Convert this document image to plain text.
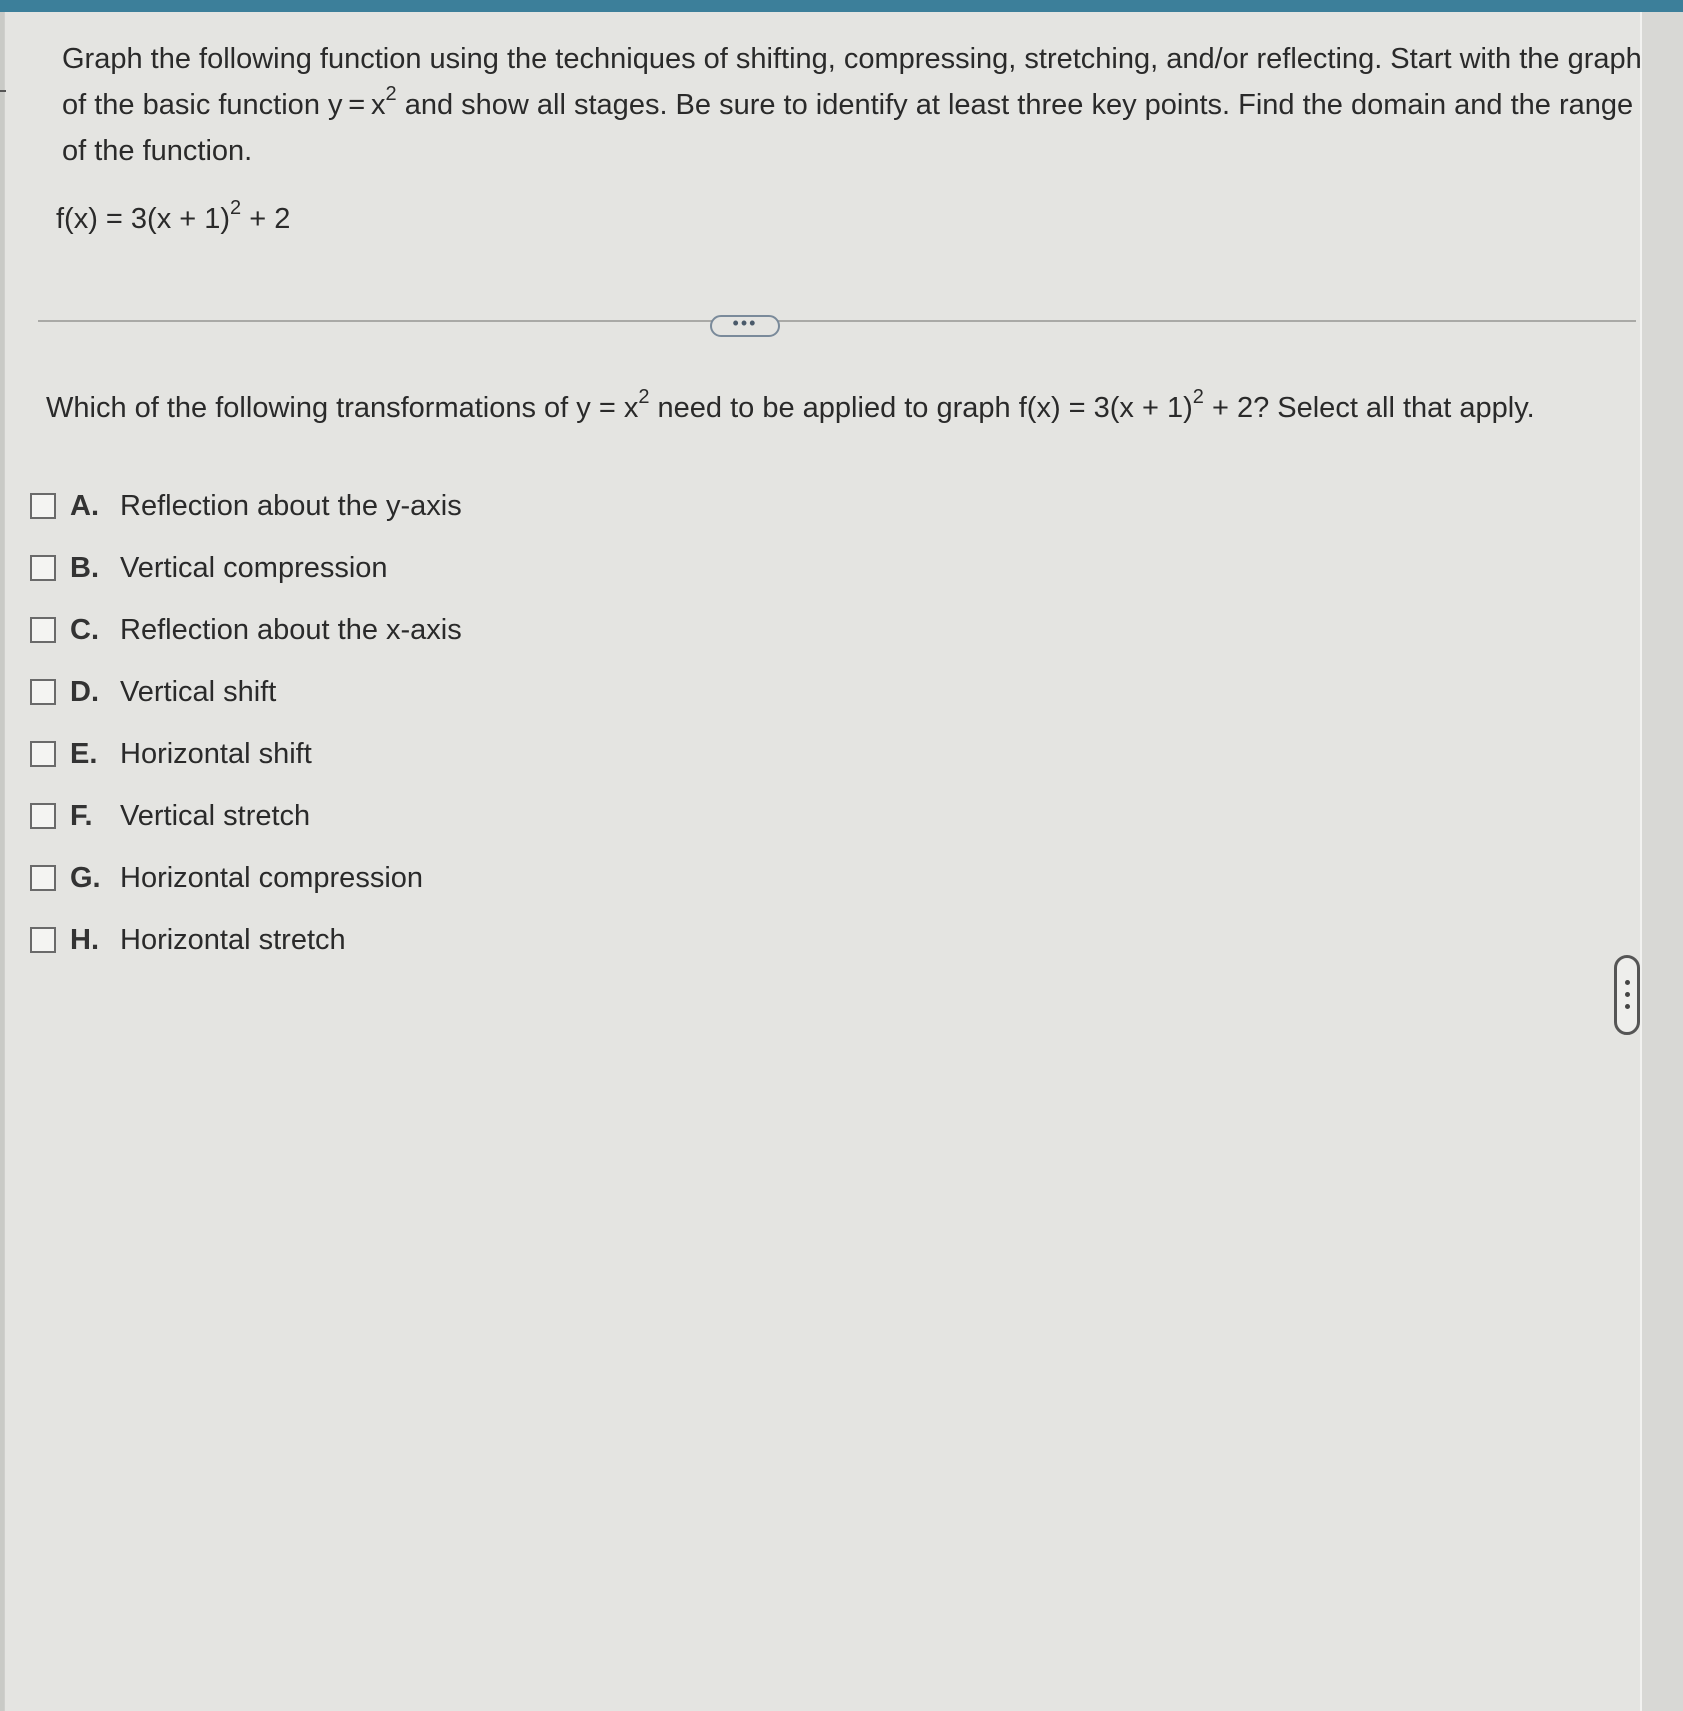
Graph the following function using the techniques of shifting, compressing, stretching, and/or reflecting. Start with the graph of the basic function $y = x^2$ and show all stages. Be sure to identify at least three key points. Find the domain and the range of the function.

$f(x) = 3(x + 1)^2 + 2$
•••

Which of the following transformations of $y = x^2$ need to be applied to graph $f(x) = 3(x + 1)^2 + 2$? Select all that apply.

A. Reflection about the y-axis
B. Vertical compression
C. Reflection about the x-axis
D. Vertical shift
E. Horizontal shift
F. Vertical stretch
G. Horizontal compression
H. Horizontal stretch
